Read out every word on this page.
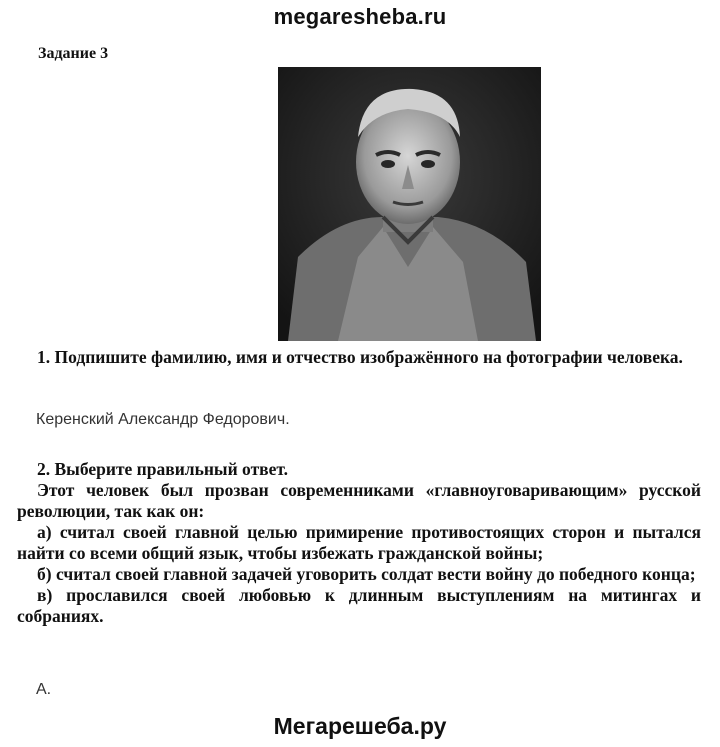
megaresheba.ru
Задание 3
1. Подпишите фамилию, имя и отчество изображённого на фотографии человека.
Керенский Александр Федорович.

2. Выберите правильный ответ.

Этот человек был прозван современниками «главноуговаривающим» русской революции, так как он:

а) считал своей главной целью примирение противостоящих сторон и пытался найти со всеми общий язык, чтобы избежать гражданской войны;

б) считал своей главной задачей уговорить солдат вести войну до победного конца;

в) прославился своей любовью к длинным выступлениям на митингах и собраниях.

А.
Мегарешеба.ру
